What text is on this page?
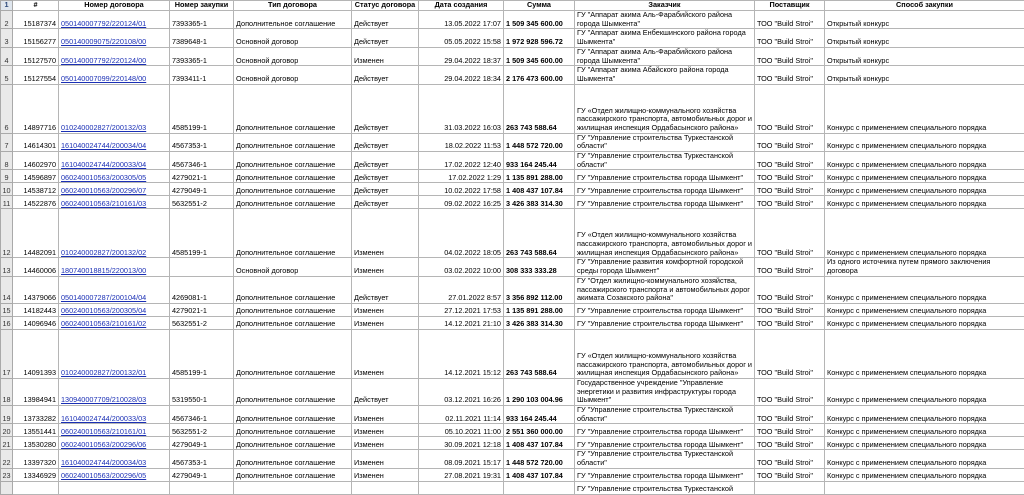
1	#	Номер договора	Номер закупки	Тип договора	Статус договора	Дата создания	Сумма	Заказчик	Поставщик	Способ закупки
2	15187374	050140007792/220124/01	7393365-1	Дополнительное соглашение	Действует	13.05.2022 17:07	1 509 345 600.00	ГУ "Аппарат акима Аль-Фарабийского района города Шымкента"	ТОО "Build Stroi"	Открытый конкурс
3	15156277	050140009075/220108/00	7389648-1	Основной договор	Действует	05.05.2022 15:58	1 972 928 596.72	ГУ "Аппарат акима Енбекшинского района города Шымкента"	ТОО "Build Stroi"	Открытый конкурс
4	15127570	050140007792/220124/00	7393365-1	Основной договор	Изменен	29.04.2022 18:37	1 509 345 600.00	ГУ "Аппарат акима Аль-Фарабийского района города Шымкента"	ТОО "Build Stroi"	Открытый конкурс
5	15127554	050140007099/220148/00	7393411-1	Основной договор	Действует	29.04.2022 18:34	2 176 473 600.00	ГУ "Аппарат акима Абайского района города Шымкента"	ТОО "Build Stroi"	Открытый конкурс
6	14897716	010240002827/200132/03	4585199-1	Дополнительное соглашение	Действует	31.03.2022 16:03	263 743 588.64	ГУ «Отдел жилищно-коммунального хозяйства пассажирского транспорта, автомобильных дорог и жилищная инспекция Ордабасынского района»	ТОО "Build Stroi"	Конкурс с применением специального порядка
7	14614301	161040024744/200034/04	4567353-1	Дополнительное соглашение	Действует	18.02.2022 11:53	1 448 572 720.00	ГУ "Управление строительства Туркестанской области"	ТОО "Build Stroi"	Конкурс с применением специального порядка
8	14602970	161040024744/200033/04	4567346-1	Дополнительное соглашение	Действует	17.02.2022 12:40	933 164 245.44	ГУ "Управление строительства Туркестанской области"	ТОО "Build Stroi"	Конкурс с применением специального порядка
9	14596897	060240010563/200305/05	4279021-1	Дополнительное соглашение	Действует	17.02.2022 1:29	1 135 891 288.00	ГУ "Управление строительства города Шымкент"	ТОО "Build Stroi"	Конкурс с применением специального порядка
10	14538712	060240010563/200296/07	4279049-1	Дополнительное соглашение	Действует	10.02.2022 17:58	1 408 437 107.84	ГУ "Управление строительства города Шымкент"	ТОО "Build Stroi"	Конкурс с применением специального порядка
11	14522876	060240010563/210161/03	5632551-2	Дополнительное соглашение	Действует	09.02.2022 16:25	3 426 383 314.30	ГУ "Управление строительства города Шымкент"	ТОО "Build Stroi"	Конкурс с применением специального порядка
12	14482091	010240002827/200132/02	4585199-1	Дополнительное соглашение	Изменен	04.02.2022 18:05	263 743 588.64	ГУ «Отдел жилищно-коммунального хозяйства пассажирского транспорта, автомобильных дорог и жилищная инспекция Ордабасынского района»	ТОО "Build Stroi"	Конкурс с применением специального порядка
13	14460006	180740018815/220013/00		Основной договор	Изменен	03.02.2022 10:00	308 333 333.28	ГУ "Управление развития комфортной городской среды города Шымкент"	ТОО "Build Stroi"	Из одного источника путем прямого заключения договора
14	14379066	050140007287/200104/04	4269081-1	Дополнительное соглашение	Действует	27.01.2022 8:57	3 356 892 112.00	ГУ "Отдел жилищно-коммунального хозяйства, пассажирского транспорта и автомобильных дорог акимата Созакского района"	ТОО "Build Stroi"	Конкурс с применением специального порядка
15	14182443	060240010563/200305/04	4279021-1	Дополнительное соглашение	Изменен	27.12.2021 17:53	1 135 891 288.00	ГУ "Управление строительства города Шымкент"	ТОО "Build Stroi"	Конкурс с применением специального порядка
16	14096946	060240010563/210161/02	5632551-2	Дополнительное соглашение	Изменен	14.12.2021 21:10	3 426 383 314.30	ГУ "Управление строительства города Шымкент"	ТОО "Build Stroi"	Конкурс с применением специального порядка
17	14091393	010240002827/200132/01	4585199-1	Дополнительное соглашение	Изменен	14.12.2021 15:12	263 743 588.64	ГУ «Отдел жилищно-коммунального хозяйства пассажирского транспорта, автомобильных дорог и жилищная инспекция Ордабасынского района»	ТОО "Build Stroi"	Конкурс с применением специального порядка
18	13984941	130940007709/210028/03	5319550-1	Дополнительное соглашение	Действует	03.12.2021 16:26	1 290 103 004.96	Государственное учреждение "Управление энергетики и развития инфраструктуры города Шымкент"	ТОО "Build Stroi"	Конкурс с применением специального порядка
19	13733282	161040024744/200033/03	4567346-1	Дополнительное соглашение	Изменен	02.11.2021 11:14	933 164 245.44	ГУ "Управление строительства Туркестанской области"	ТОО "Build Stroi"	Конкурс с применением специального порядка
20	13551441	060240010563/210161/01	5632551-2	Дополнительное соглашение	Изменен	05.10.2021 11:00	2 551 360 000.00	ГУ "Управление строительства города Шымкент"	ТОО "Build Stroi"	Конкурс с применением специального порядка
21	13530280	060240010563/200296/06	4279049-1	Дополнительное соглашение	Изменен	30.09.2021 12:18	1 408 437 107.84	ГУ "Управление строительства города Шымкент"	ТОО "Build Stroi"	Конкурс с применением специального порядка
22	13397320	161040024744/200034/03	4567353-1	Дополнительное соглашение	Изменен	08.09.2021 15:17	1 448 572 720.00	ГУ "Управление строительства Туркестанской области"	ТОО "Build Stroi"	Конкурс с применением специального порядка
23	13346929	060240010563/200296/05	4279049-1	Дополнительное соглашение	Изменен	27.08.2021 19:31	1 408 437 107.84	ГУ "Управление строительства города Шымкент"	ТОО "Build Stroi"	Конкурс с применением специального порядка
								ГУ "Управление строительства Туркестанской		
